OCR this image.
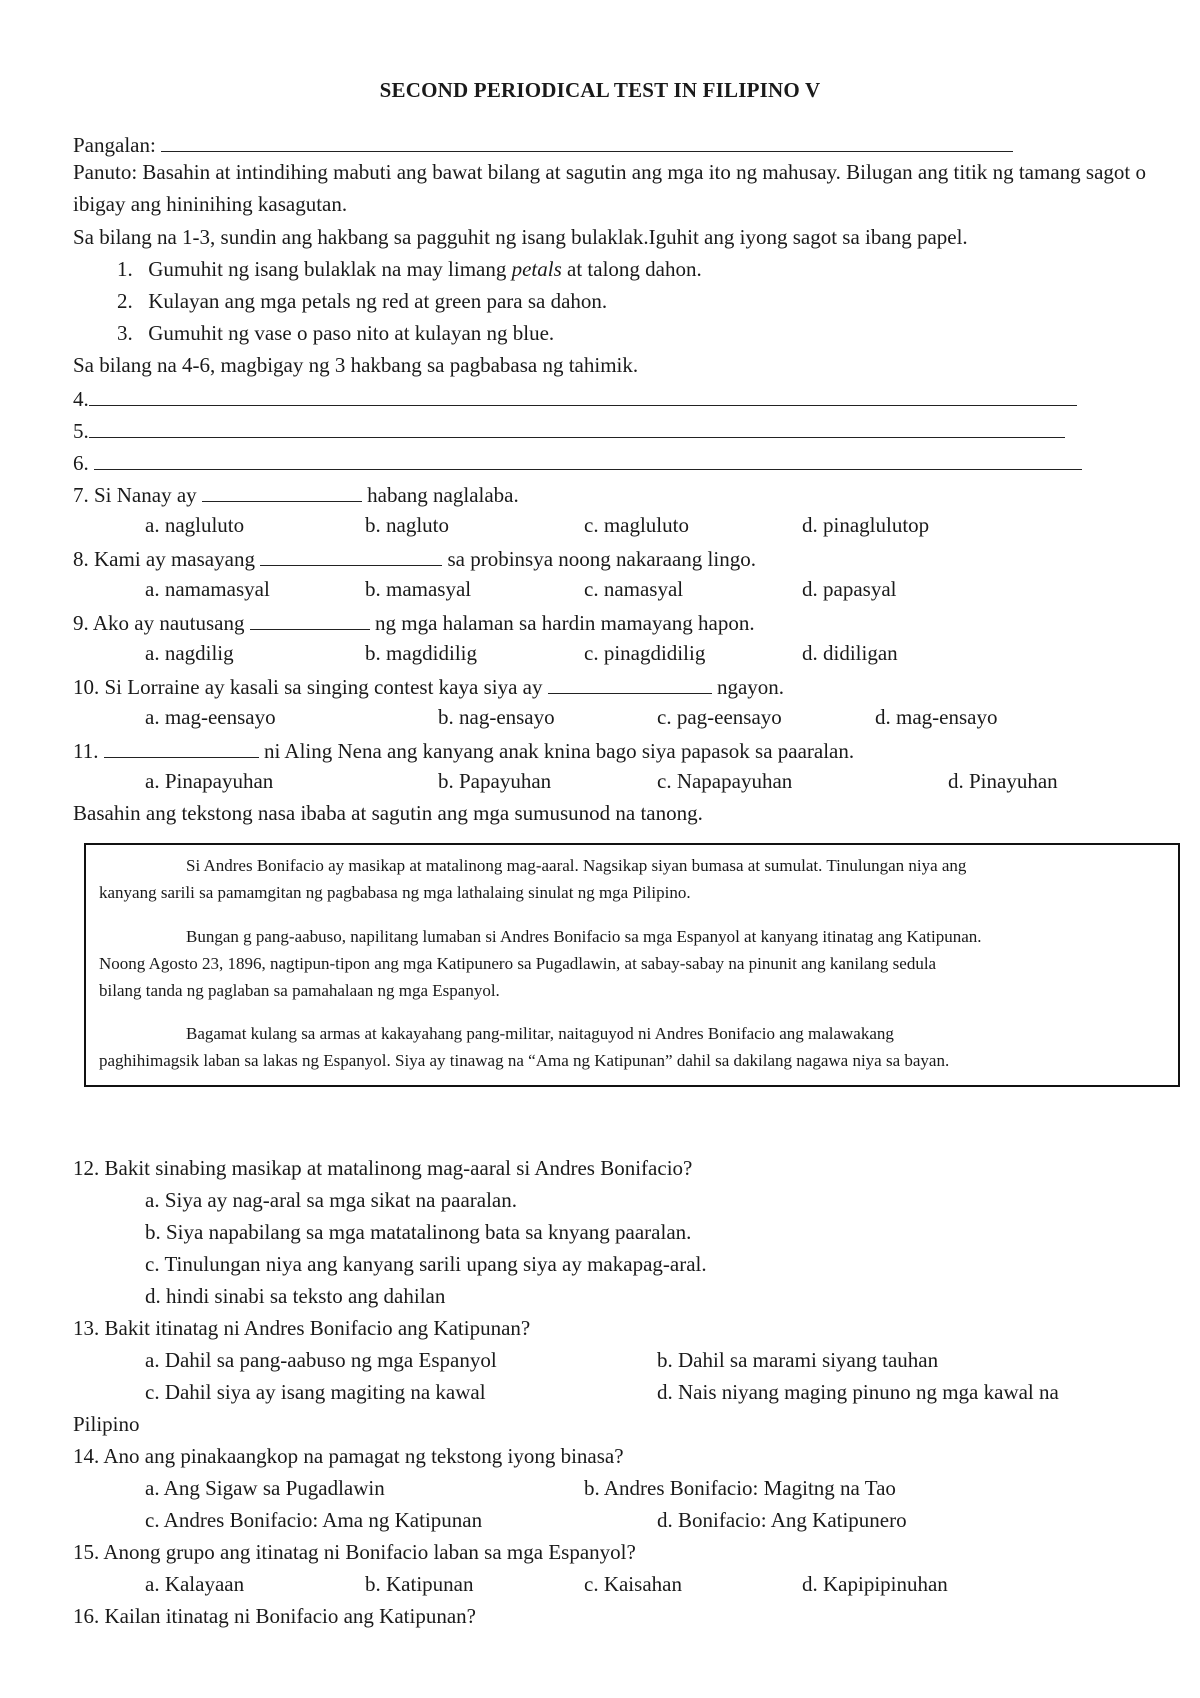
SECOND PERIODICAL TEST IN FILIPINO V
Pangalan:
Panuto: Basahin at intindihing mabuti ang bawat bilang at sagutin ang mga ito ng mahusay. Bilugan ang titik ng tamang sagot o ibigay ang hininihing kasagutan.
Sa bilang na 1-3, sundin ang hakbang sa pagguhit ng isang bulaklak.Iguhit ang iyong sagot sa ibang papel.
1. Gumuhit ng isang bulaklak na may limang petals at talong dahon.
2. Kulayan ang mga petals ng red at green para sa dahon.
3. Gumuhit ng vase o paso nito at kulayan ng blue.
Sa bilang na 4-6, magbigay ng 3 hakbang sa pagbabasa ng tahimik.
4.
5.
6.
7. Si Nanay ay	habang naglalaba.
a. nagluluto	b. nagluto	c. magluluto	d. pinaglulutop
8. Kami ay masayang	sa probinsya noong nakaraang lingo.
a. namamasyal	b. mamasyal	c. namasyal	d. papasyal
9. Ako ay nautusang	ng mga halaman sa hardin mamayang hapon.
a. nagdilig	b. magdidilig	c. pinagdidilig	d. didiligan
10. Si Lorraine ay kasali sa singing contest kaya siya ay	ngayon.
a. mag-eensayo	b. nag-ensayo	c. pag-eensayo	d. mag-ensayo
11.	ni Aling Nena ang kanyang anak knina bago siya papasok sa paaralan.
a. Pinapayuhan	b. Papayuhan	c. Napapayuhan	d. Pinayuhan
Basahin ang tekstong nasa ibaba at sagutin ang mga sumusunod na tanong.
Si Andres Bonifacio ay masikap at matalinong mag-aaral. Nagsikap siyan bumasa at sumulat. Tinulungan niya ang
kanyang sarili sa pamamgitan ng pagbabasa ng mga lathalaing sinulat ng mga Pilipino.
Bungan g pang-aabuso, napilitang lumaban si Andres Bonifacio sa mga Espanyol at kanyang itinatag ang Katipunan.
Noong Agosto 23, 1896, nagtipun-tipon ang mga Katipunero sa Pugadlawin, at sabay-sabay na pinunit ang kanilang sedula
bilang tanda ng paglaban sa pamahalaan ng mga Espanyol.
Bagamat kulang sa armas at kakayahang pang-militar, naitaguyod ni Andres Bonifacio ang malawakang
paghihimagsik laban sa lakas ng Espanyol. Siya ay tinawag na “Ama ng Katipunan” dahil sa dakilang nagawa niya sa bayan.
12. Bakit sinabing masikap at matalinong mag-aaral si Andres Bonifacio?
a. Siya ay nag-aral sa mga sikat na paaralan.
b. Siya napabilang sa mga matatalinong bata sa knyang paaralan.
c. Tinulungan niya ang kanyang sarili upang siya ay makapag-aral.
d. hindi sinabi sa teksto ang dahilan
13. Bakit itinatag ni Andres Bonifacio ang Katipunan?
a. Dahil sa pang-aabuso ng mga Espanyol	b. Dahil sa marami siyang tauhan
c. Dahil siya ay isang magiting na kawal	d. Nais niyang maging pinuno ng mga kawal na
Pilipino
14. Ano ang pinakaangkop na pamagat ng tekstong iyong binasa?
a. Ang Sigaw sa Pugadlawin	b. Andres Bonifacio: Magitng na Tao
c. Andres Bonifacio: Ama ng Katipunan	d. Bonifacio: Ang Katipunero
15. Anong grupo ang itinatag ni Bonifacio laban sa mga Espanyol?
a. Kalayaan	b. Katipunan	c. Kaisahan	d. Kapipipinuhan
16. Kailan itinatag ni Bonifacio ang Katipunan?
